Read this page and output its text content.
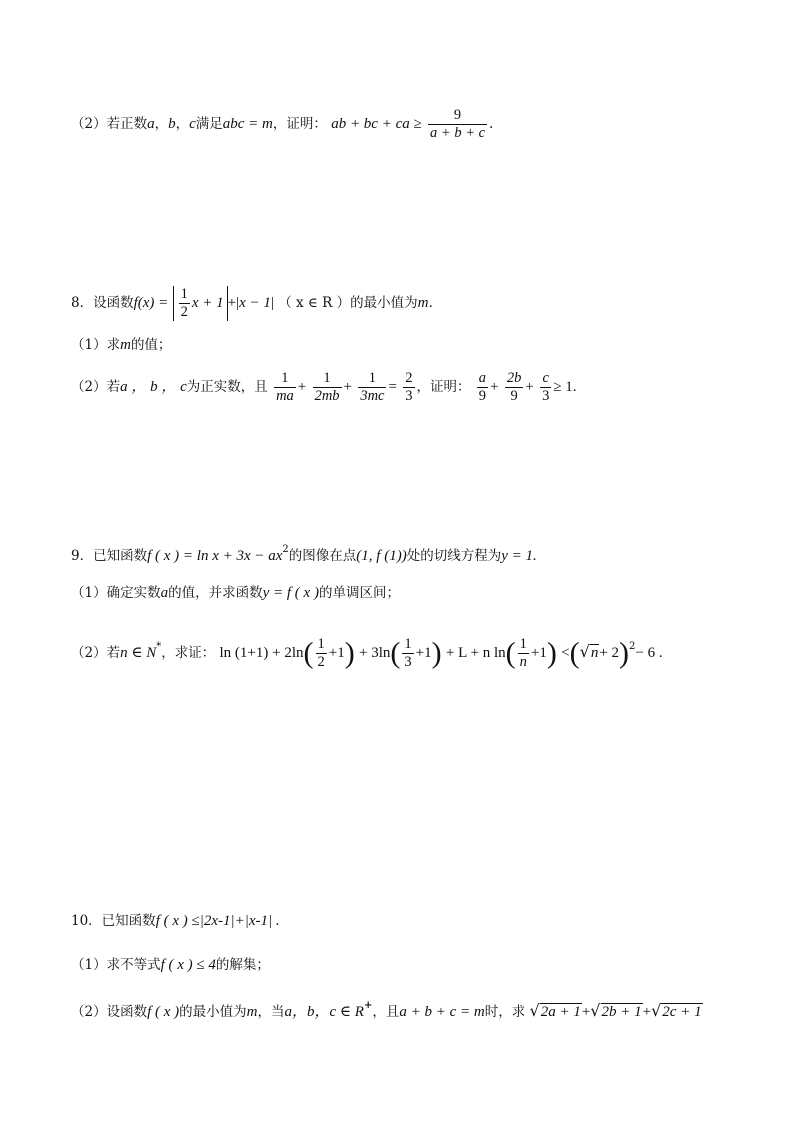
（2）若正数a，b，c满足abc = m，证明： ab + bc + ca ≥ $\frac{9}{a + b + c}$ .
8．设函数$f(x) = \frac{1}{2}$ x + 1 +|x − 1| （ x ∈ R ）的最小值为m.
（1）求m的值；
（2）若a ， b ， c为正实数，且 $\frac{1}{ma} + \frac{1}{2mb} + \frac{1}{3mc} = \frac{2}{3}$ ，证明： $\frac{a}{9} + \frac{2b}{9} + \frac{c}{3} \ge 1$.
9．已知函数f ( x ) = $\ln x + 3x - ax^2$的图像在点(1, f (1))处的切线方程为y = 1.
（1）确定实数a的值，并求函数y = f ( x )的单调区间；
（2）若n ∈ N*，求证： $\ln (1+1) + 2\ln( \frac{1}{2} +1) + 3\ln( \frac{1}{3} +1) + L + n$ $\ln( \frac{1}{n} +1) <(√n+ 2)^2- 6$ .
10．已知函数f ( x ) ≤|2x-1|+|x-1| .
（1）求不等式f ( x ) ≤ 4的解集；
（2）设函数f ( x )的最小值为m，当a，b，c ∈ R+，且a + b + c = m时，求 √2a + 1+√2b + 1+√2c + 1
